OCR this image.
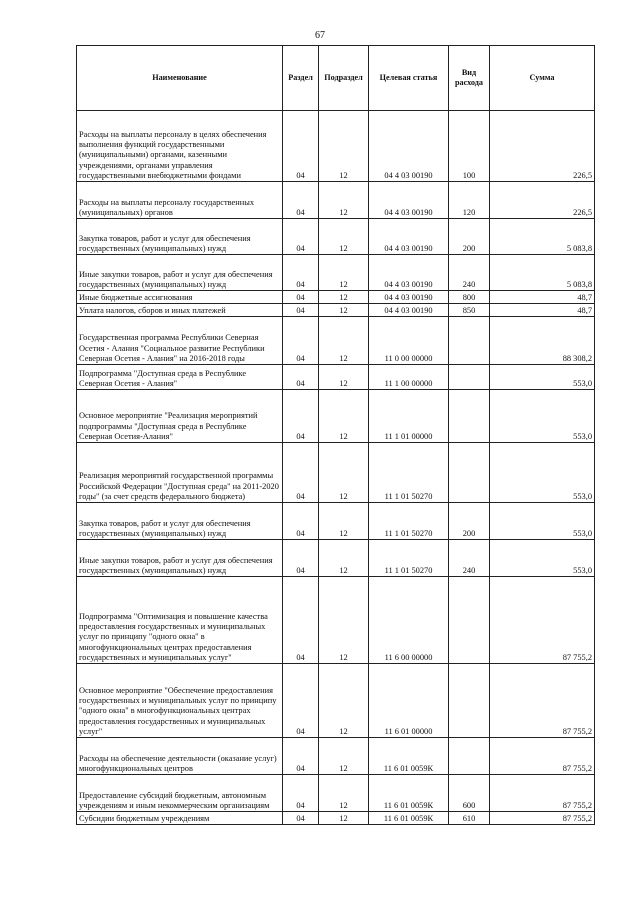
67
Наименование	Раздел	Подраздел	Целевая статья	Вид расхода	Сумма
Расходы на выплаты персоналу в целях обеспечения выполнения функций государственными (муниципальными) органами, казенными учреждениями, органами управления государственными внебюджетными фондами	04	12	04 4 03 00190	100	226,5
Расходы на выплаты персоналу государственных (муниципальных) органов	04	12	04 4 03 00190	120	226,5
Закупка товаров, работ и услуг для обеспечения государственных (муниципальных) нужд	04	12	04 4 03 00190	200	5 083,8
Иные закупки товаров, работ и услуг для обеспечения государственных (муниципальных) нужд	04	12	04 4 03 00190	240	5 083,8
Иные бюджетные ассигнования	04	12	04 4 03 00190	800	48,7
Уплата налогов, сборов и иных платежей	04	12	04 4 03 00190	850	48,7
Государственная программа Республики Северная Осетия - Алания "Социальное развитие Республики Северная Осетия - Алания" на 2016-2018 годы	04	12	11 0 00 00000		88 308,2
Подпрограмма "Доступная среда в Республике Северная Осетия - Алания"	04	12	11 1 00 00000		553,0
Основное мероприятие "Реализация мероприятий подпрограммы "Доступная среда в Республике Северная Осетия-Алания"	04	12	11 1 01 00000		553,0
Реализация мероприятий государственной программы Российской Федерации "Доступная среда" на 2011-2020 годы" (за счет средств федерального бюджета)	04	12	11 1 01 50270		553,0
Закупка товаров, работ и услуг для обеспечения государственных (муниципальных) нужд	04	12	11 1 01 50270	200	553,0
Иные закупки товаров, работ и услуг для обеспечения государственных (муниципальных) нужд	04	12	11 1 01 50270	240	553,0
Подпрограмма "Оптимизация и повышение качества предоставления государственных и муниципальных услуг по принципу "одного окна" в многофункциональных центрах предоставления государственных и муниципальных услуг"	04	12	11 6 00 00000		87 755,2
Основное мероприятие "Обеспечение предоставления государственных и муниципальных услуг по принципу "одного окна" в многофункциональных центрах предоставления государственных и муниципальных услуг"	04	12	11 6 01 00000		87 755,2
Расходы на обеспечение деятельности (оказание услуг) многофункциональных центров	04	12	11 6 01 0059К		87 755,2
Предоставление субсидий бюджетным, автономным учреждениям и иным некоммерческим организациям	04	12	11 6 01 0059К	600	87 755,2
Субсидии бюджетным учреждениям	04	12	11 6 01 0059К	610	87 755,2
